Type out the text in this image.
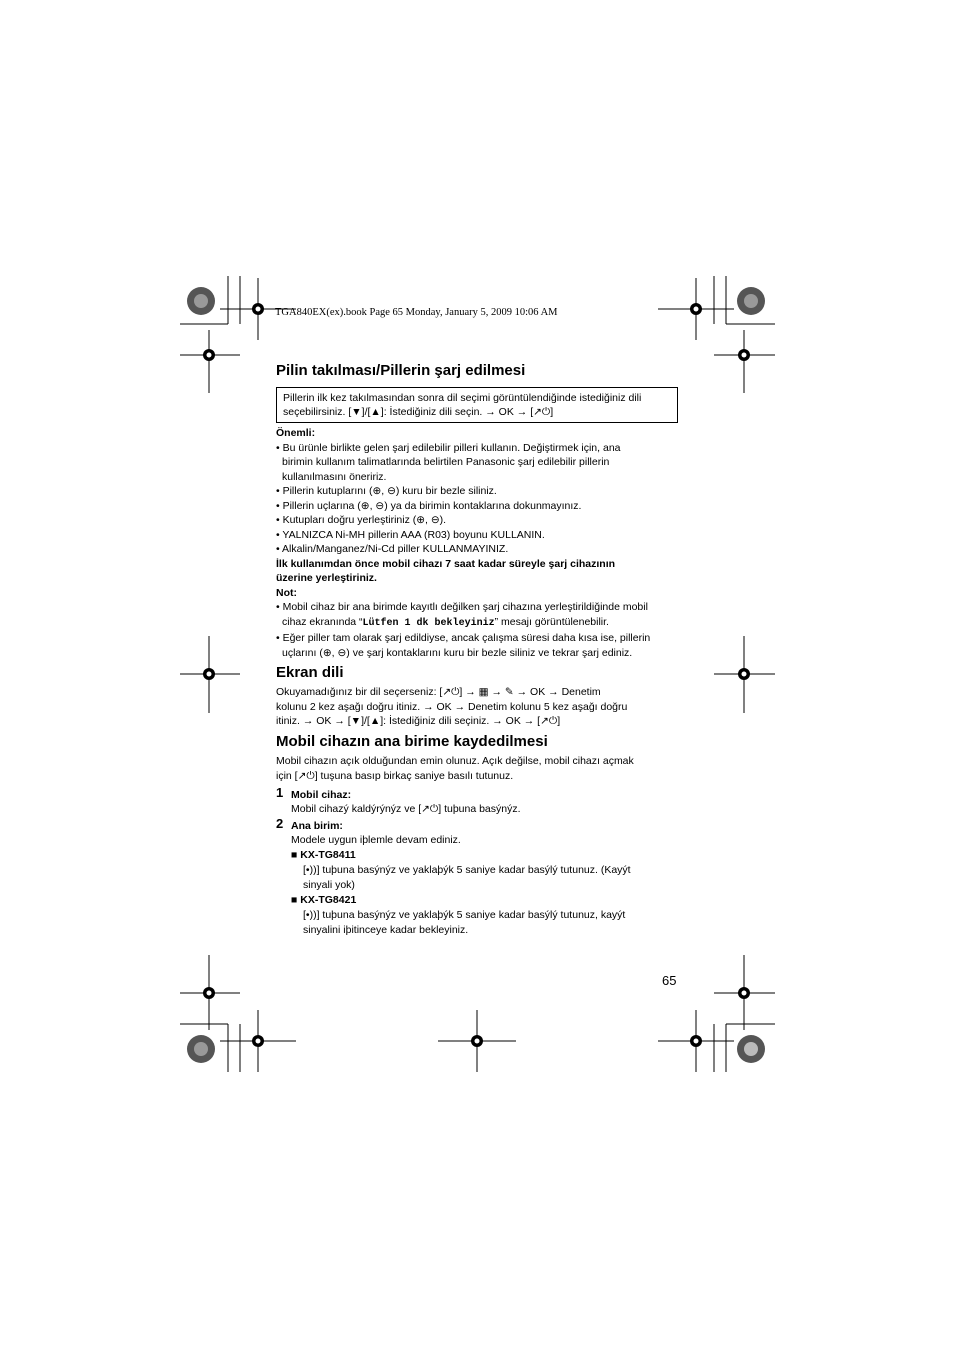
TGA840EX(ex).book Page 65 Monday, January 5, 2009 10:06 AM
Pilin takılması/Pillerin şarj edilmesi
Pillerin ilk kez takılmasından sonra dil seçimi görüntülendiğinde istediğiniz dili
seçebilirsiniz. [▼]/[▲]: İstediğiniz dili seçin. → OK → [↗⏻]
Önemli:
• Bu ürünle birlikte gelen şarj edilebilir pilleri kullanın. Değiştirmek için, ana
birimin kullanım talimatlarında belirtilen Panasonic şarj edilebilir pillerin
kullanılmasını öneririz.
• Pillerin kutuplarını (⊕, ⊖) kuru bir bezle siliniz.
• Pillerin uçlarına (⊕, ⊖) ya da birimin kontaklarına dokunmayınız.
• Kutupları doğru yerleştiriniz (⊕, ⊖).
• YALNIZCA Ni-MH pillerin AAA (R03) boyunu KULLANIN.
• Alkalin/Manganez/Ni-Cd piller KULLANMAYINIZ.
İlk kullanımdan önce mobil cihazı 7 saat kadar süreyle şarj cihazının
üzerine yerleştiriniz.
Not:
• Mobil cihaz bir ana birimde kayıtlı değilken şarj cihazına yerleştirildiğinde mobil
cihaz ekranında “Lütfen 1 dk bekleyiniz” mesajı görüntülenebilir.
• Eğer piller tam olarak şarj edildiyse, ancak çalışma süresi daha kısa ise, pillerin
uçlarını (⊕, ⊖) ve şarj kontaklarını kuru bir bezle siliniz ve tekrar şarj ediniz.
Ekran dili
Okuyamadığınız bir dil seçerseniz: [↗⏻] → ▦ → ✎ → OK → Denetim
kolunu 2 kez aşağı doğru itiniz. → OK → Denetim kolunu 5 kez aşağı doğru
itiniz. → OK → [▼]/[▲]: İstediğiniz dili seçiniz. → OK → [↗⏻]
Mobil cihazın ana birime kaydedilmesi
Mobil cihazın açık olduğundan emin olunuz. Açık değilse, mobil cihazı açmak
için [↗⏻] tuşuna basıp birkaç saniye basılı tutunuz.
1 Mobil cihaz:
Mobil cihazý kaldýrýnýz ve [↗⏻] tuþuna basýnýz.
2 Ana birim:
Modele uygun iþlemle devam ediniz.
■ KX-TG8411
[•))] tuþuna basýnýz ve yaklaþýk 5 saniye kadar basýlý tutunuz. (Kayýt
sinyali yok)
■ KX-TG8421
[•))] tuþuna basýnýz ve yaklaþýk 5 saniye kadar basýlý tutunuz, kayýt
sinyalini iþitinceye kadar bekleyiniz.
65
